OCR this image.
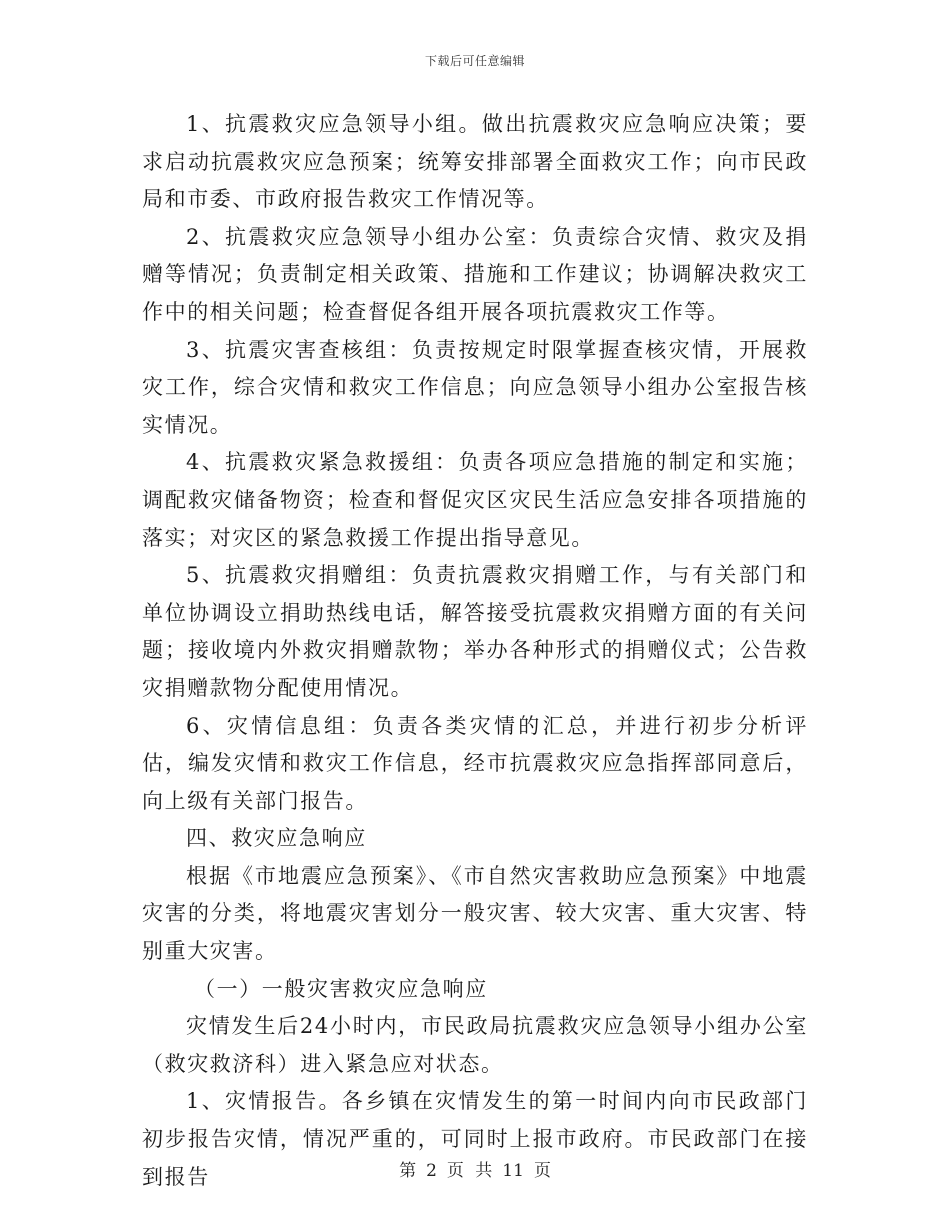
下载后可任意编辑

1、抗震救灾应急领导小组。做出抗震救灾应急响应决策；要求启动抗震救灾应急预案；统筹安排部署全面救灾工作；向市民政局和市委、市政府报告救灾工作情况等。

2、抗震救灾应急领导小组办公室：负责综合灾情、救灾及捐赠等情况；负责制定相关政策、措施和工作建议；协调解决救灾工作中的相关问题；检查督促各组开展各项抗震救灾工作等。

3、抗震灾害查核组：负责按规定时限掌握查核灾情，开展救灾工作，综合灾情和救灾工作信息；向应急领导小组办公室报告核实情况。

4、抗震救灾紧急救援组：负责各项应急措施的制定和实施；调配救灾储备物资；检查和督促灾区灾民生活应急安排各项措施的落实；对灾区的紧急救援工作提出指导意见。

5、抗震救灾捐赠组：负责抗震救灾捐赠工作，与有关部门和单位协调设立捐助热线电话，解答接受抗震救灾捐赠方面的有关问题；接收境内外救灾捐赠款物；举办各种形式的捐赠仪式；公告救灾捐赠款物分配使用情况。

6、灾情信息组：负责各类灾情的汇总，并进行初步分析评估，编发灾情和救灾工作信息，经市抗震救灾应急指挥部同意后，向上级有关部门报告。

四、救灾应急响应

根据《市地震应急预案》、《市自然灾害救助应急预案》中地震灾害的分类，将地震灾害划分一般灾害、较大灾害、重大灾害、特别重大灾害。

（一）一般灾害救灾应急响应

灾情发生后24小时内，市民政局抗震救灾应急领导小组办公室（救灾救济科）进入紧急应对状态。

1、灾情报告。各乡镇在灾情发生的第一时间内向市民政部门初步报告灾情，情况严重的，可同时上报市政府。市民政部门在接到报告	第 2 页 共 11 页
